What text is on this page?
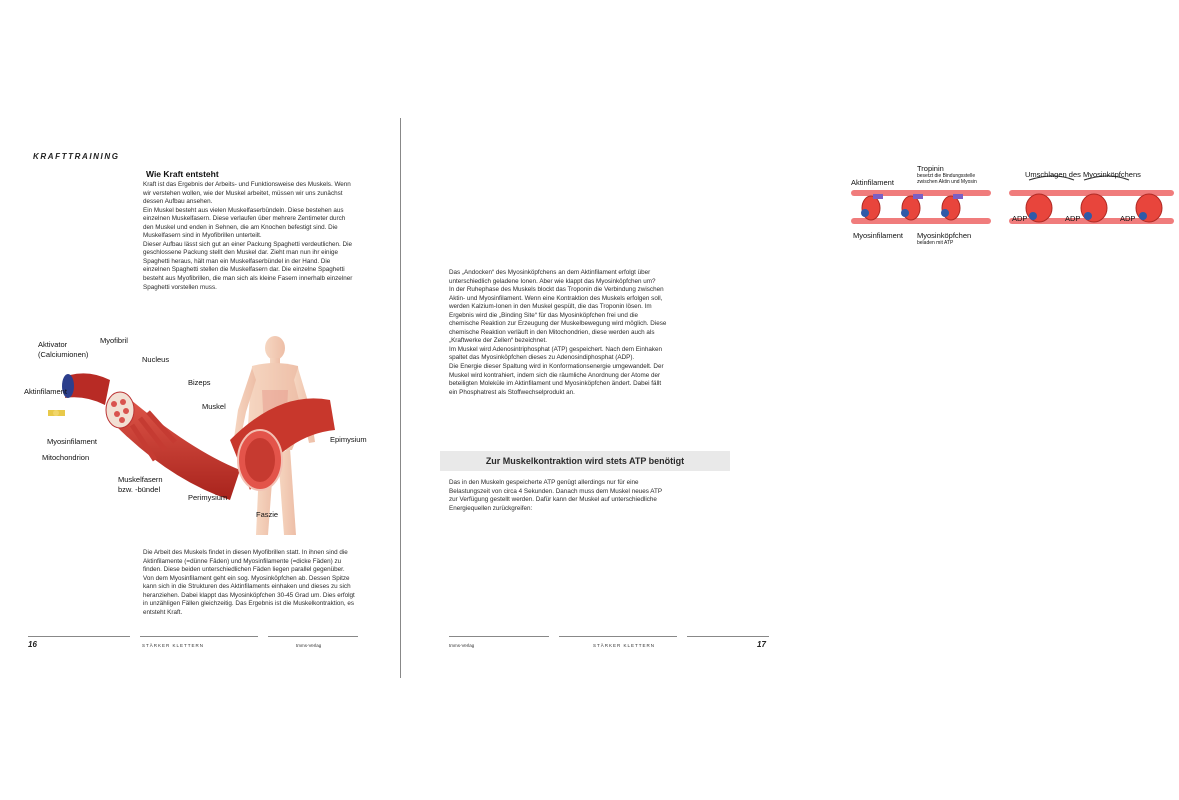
KRAFTTRAINING
Wie Kraft entsteht

Kraft ist das Ergebnis der Arbeits- und Funktionsweise des Muskels. Wenn wir verstehen wollen, wie der Muskel arbeitet, müssen wir uns zunächst dessen Aufbau ansehen.

Ein Muskel besteht aus vielen Muskelfaserbündeln. Diese bestehen aus einzelnen Muskelfasern. Diese verlaufen über mehrere Zentimeter durch den Muskel und enden in Sehnen, die am Knochen befestigt sind. Die Muskelfasern sind in Myofibrillen unterteilt.

Dieser Aufbau lässt sich gut an einer Packung Spaghetti verdeutlichen. Die geschlossene Packung stellt den Muskel dar. Zieht man nun ihr einige Spaghetti heraus, hält man ein Muskelfaserbündel in der Hand. Die einzelnen Spaghetti stellen die Muskelfasern dar. Die einzelne Spaghetti besteht aus Myofibrillen, die man sich als kleine Fasern innerhalb einzelner Spaghetti vorstellen muss.

Aktivator
(Calciumionen)
Myofibril
Nucleus
Bizeps
Muskel
Epimysium
Aktinfilament
Myosinfilament
Mitochondrion
Muskelfasern
bzw. -bündel
Perimysium
Faszie
Die Arbeit des Muskels findet in diesen Myofibrillen statt. In ihnen sind die Aktinfilamente (=dünne Fäden) und Myosinfilamente (=dicke Fäden) zu finden. Diese beiden unterschiedlichen Fäden liegen parallel gegenüber. Von dem Myosinfilament geht ein sog. Myosinköpfchen ab. Dessen Spitze kann sich in die Strukturen des Aktinfilaments einhaken und dieses zu sich heranziehen. Dabei klappt das Myosinköpfchen 30-45 Grad um. Dies erfolgt in unzähligen Fällen gleichzeitig. Das Ergebnis ist die Muskelkontraktion, es entsteht Kraft.
16	STÄRKER KLETTERN	tmms-Verlag
Aktinfilament
Tropinin
besetzt die Bindungsstelle
zwischen Aktin und Myosin
Umschlagen des Myosinköpfchens
Myosinfilament Myosinköpfchen
beladen mit ATP
ADP	ADP	ADP

Das „Andocken“ des Myosinköpfchens an dem Aktinfilament erfolgt über unterschiedlich geladene Ionen. Aber wie klappt das Myosinköpfchen um?

In der Ruhephase des Muskels blockt das Troponin die Verbindung zwischen Aktin- und Myosinfilament. Wenn eine Kontraktion des Muskels erfolgen soll, werden Kalzium-Ionen in den Muskel gespült, die das Troponin lösen. Im Ergebnis wird die „Binding Site“ für das Myosinköpfchen frei und die chemische Reaktion zur Erzeugung der Muskelbewegung wird möglich. Diese chemische Reaktion verläuft in den Mitochondrien, diese werden auch als „Kraftwerke der Zellen“ bezeichnet.

Im Muskel wird Adenosintriphosphat (ATP) gespeichert. Nach dem Einhaken spaltet das Myosinköpfchen dieses zu Adenosindiphosphat (ADP).

Die Energie dieser Spaltung wird in Konformationsenergie umgewandelt. Der Muskel wird kontrahiert, indem sich die räumliche Anordnung der Atome der beteiligten Moleküle im Aktinfilament und Myosinköpfchen ändert. Dabei fällt ein Phosphatrest als Stoffwechselprodukt an.

Zur Muskelkontraktion wird stets ATP benötigt
Das in den Muskeln gespeicherte ATP genügt allerdings nur für eine Belastungszeit von circa 4 Sekunden. Danach muss dem Muskel neues ATP zur Verfügung gestellt werden. Dafür kann der Muskel auf unterschiedliche Energiequellen zurückgreifen:
tmms-Verlag	STÄRKER KLETTERN	17
